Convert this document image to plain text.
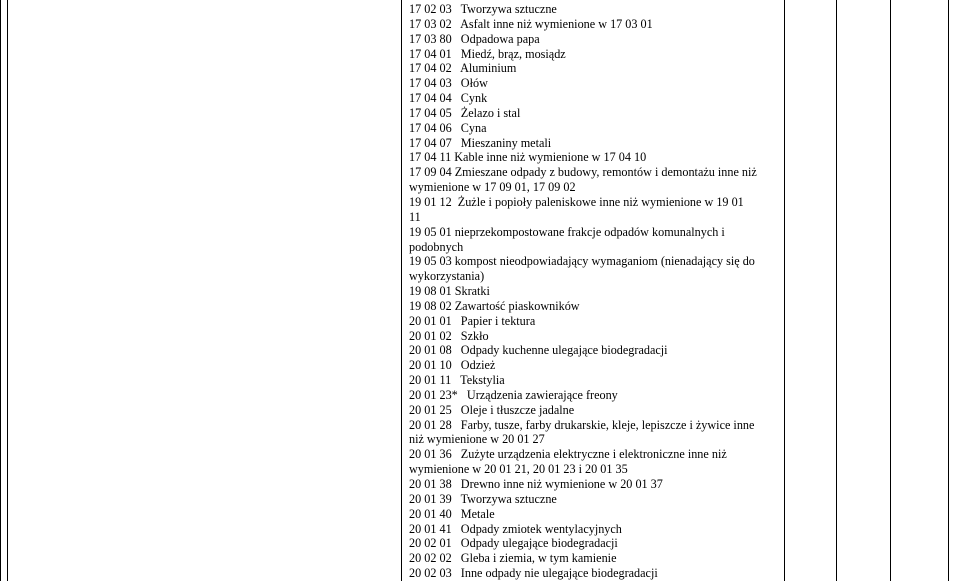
17 02 03   Tworzywa sztuczne
17 03 02   Asfalt inne niż wymienione w 17 03 01
17 03 80   Odpadowa papa
17 04 01   Miedź, brąz, mosiądz
17 04 02   Aluminium
17 04 03   Ołów
17 04 04   Cynk
17 04 05   Żelazo i stal
17 04 06   Cyna
17 04 07   Mieszaniny metali
17 04 11 Kable inne niż wymienione w 17 04 10
17 09 04 Zmieszane odpady z budowy, remontów i demontażu inne niż
wymienione w 17 09 01, 17 09 02
19 01 12  Żużle i popioły paleniskowe inne niż wymienione w 19 01
11
19 05 01 nieprzekompostowane frakcje odpadów komunalnych i
podobnych
19 05 03 kompost nieodpowiadający wymaganiom (nienadający się do
wykorzystania)
19 08 01 Skratki
19 08 02 Zawartość piaskowników
20 01 01   Papier i tektura
20 01 02   Szkło
20 01 08   Odpady kuchenne ulegające biodegradacji
20 01 10   Odzież
20 01 11   Tekstylia
20 01 23*   Urządzenia zawierające freony
20 01 25   Oleje i tłuszcze jadalne
20 01 28   Farby, tusze, farby drukarskie, kleje, lepiszcze i żywice inne
niż wymienione w 20 01 27
20 01 36   Zużyte urządzenia elektryczne i elektroniczne inne niż
wymienione w 20 01 21, 20 01 23 i 20 01 35
20 01 38   Drewno inne niż wymienione w 20 01 37
20 01 39   Tworzywa sztuczne
20 01 40   Metale
20 01 41   Odpady zmiotek wentylacyjnych
20 02 01   Odpady ulegające biodegradacji
20 02 02   Gleba i ziemia, w tym kamienie
20 02 03   Inne odpady nie ulegające biodegradacji
